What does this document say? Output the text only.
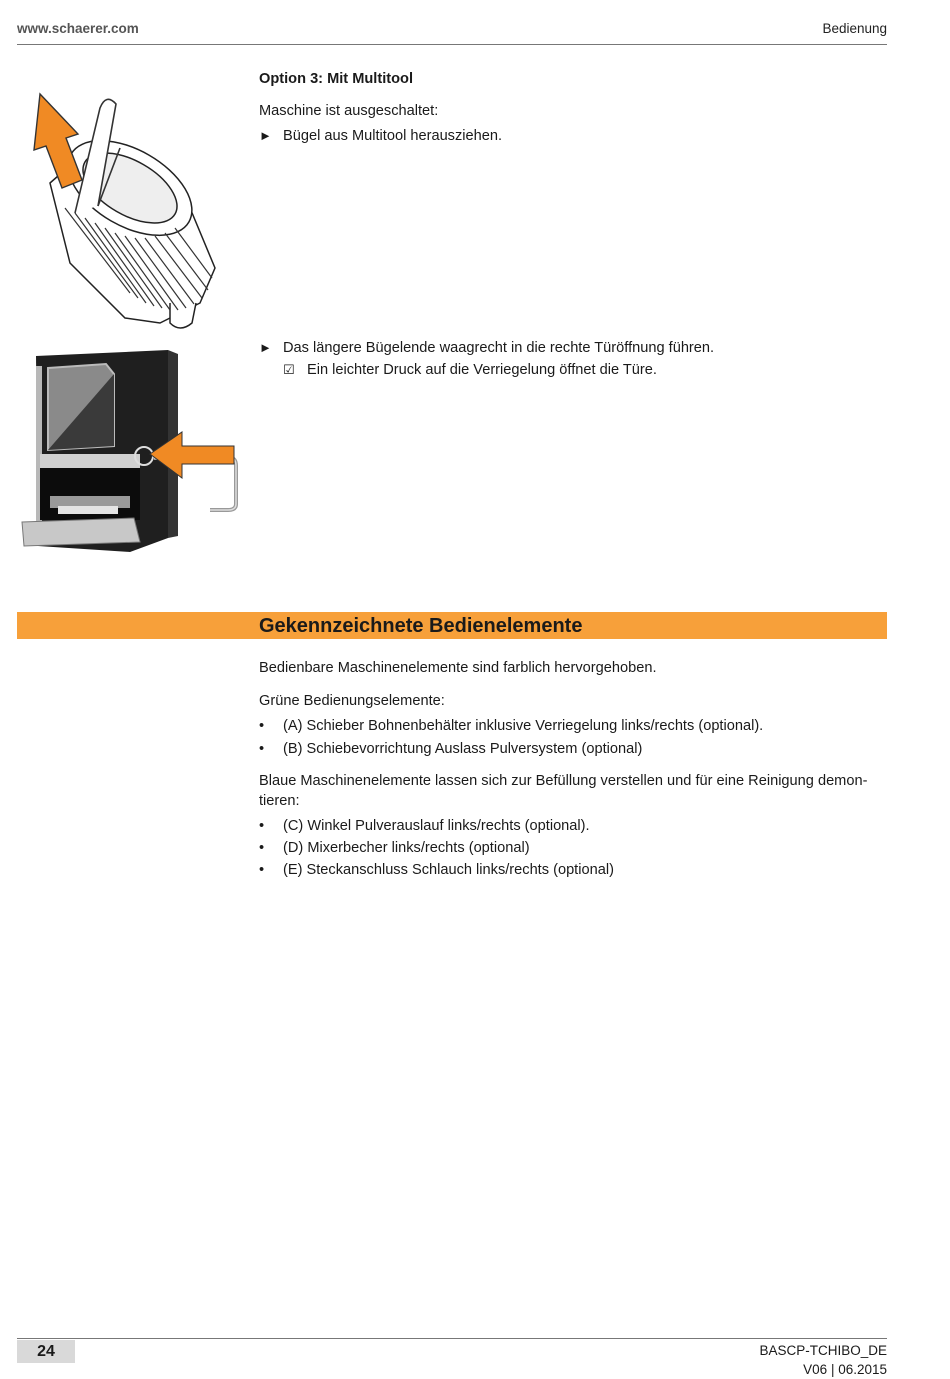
www.schaerer.com	Bedienung
Option 3: Mit Multitool
Maschine ist ausgeschaltet:
► Bügel aus Multitool herausziehen.
► Das längere Bügelende waagrecht in die rechte Türöffnung führen.
☑ Ein leichter Druck auf die Verriegelung öffnet die Türe.
Gekennzeichnete Bedienelemente
Bedienbare Maschinenelemente sind farblich hervorgehoben.
Grüne Bedienungselemente:
• (A) Schieber Bohnenbehälter inklusive Verriegelung links/rechts (optional).
• (B) Schiebevorrichtung Auslass Pulversystem (optional)
Blaue Maschinenelemente lassen sich zur Befüllung verstellen und für eine Reinigung demon-
tieren:
• (C) Winkel Pulverauslauf links/rechts (optional).
• (D) Mixerbecher links/rechts (optional)
• (E) Steckanschluss Schlauch links/rechts (optional)
24	BASCP-TCHIBO_DE
V06 | 06.2015
